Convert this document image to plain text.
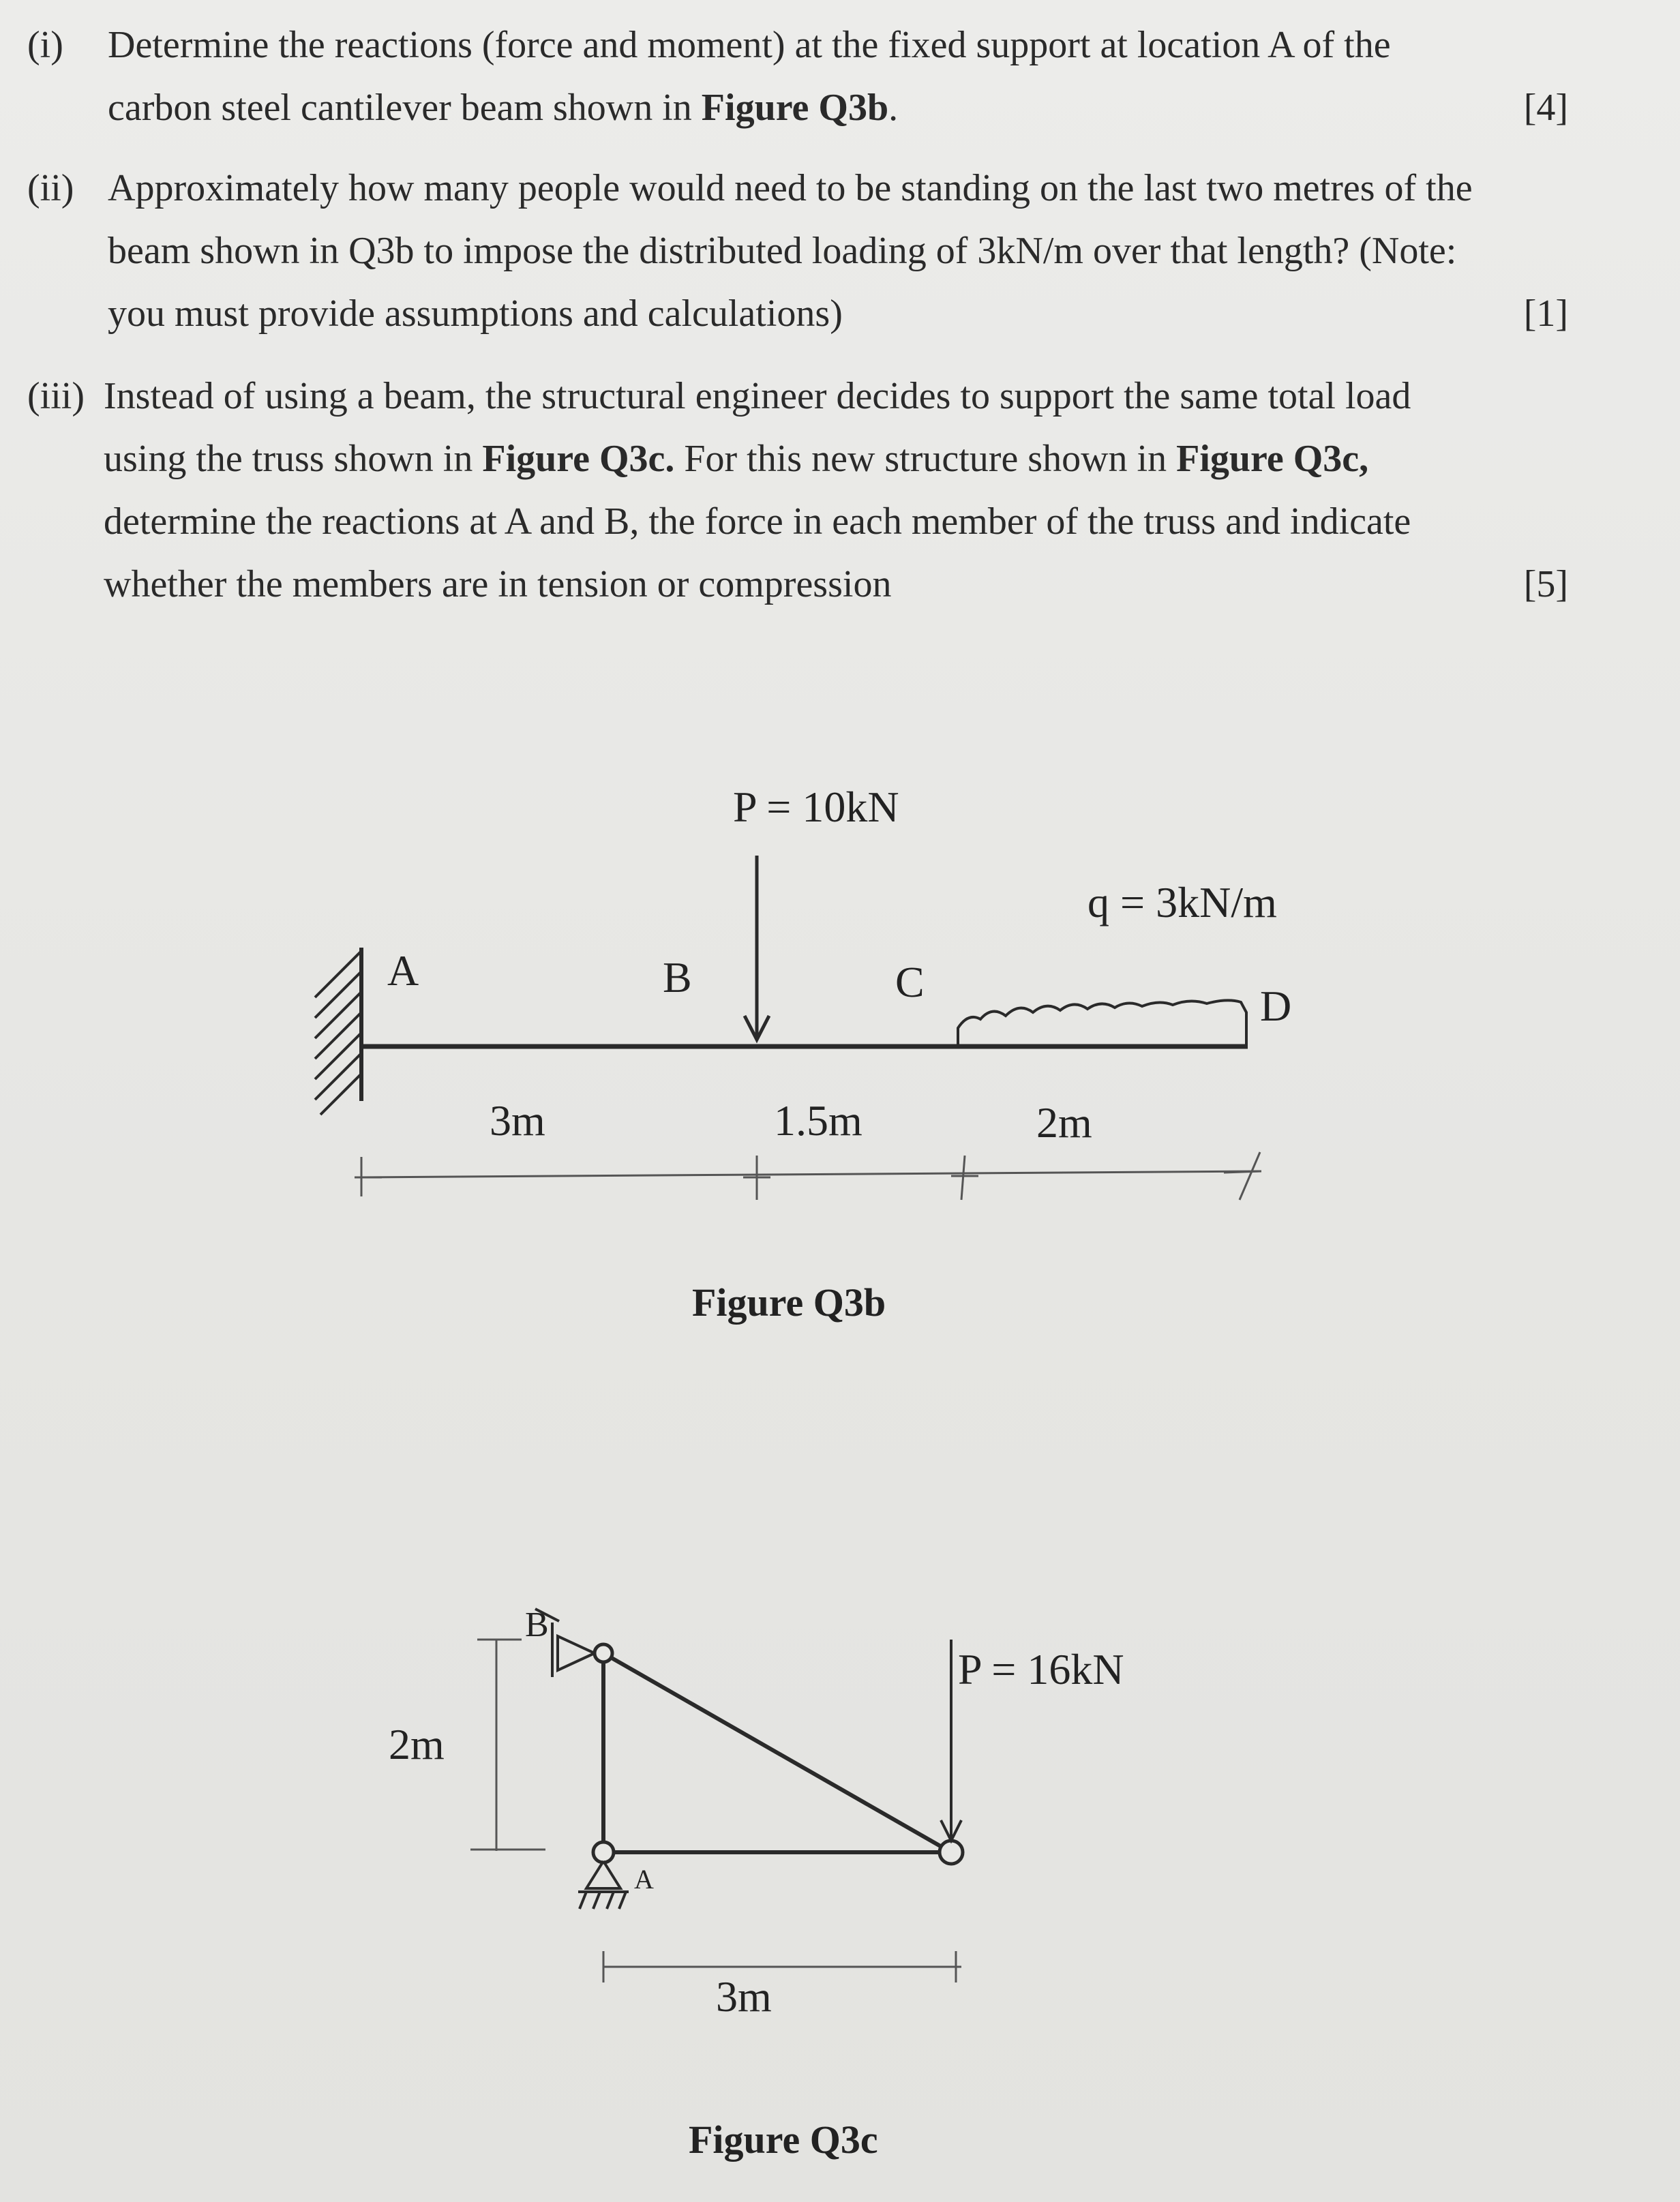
(i) Determine the reactions (force and moment) at the fixed support at location A of the
carbon steel cantilever beam shown in Figure Q3b.	[4]
(ii) Approximately how many people would need to be standing on the last two metres of the
beam shown in Q3b to impose the distributed loading of 3kN/m over that length? (Note:
you must provide assumptions and calculations)	[1]
(iii) Instead of using a beam, the structural engineer decides to support the same total load
using the truss shown in Figure Q3c. For this new structure shown in Figure Q3c,
determine the reactions at A and B, the force in each member of the truss and indicate
whether the members are in tension or compression	[5]
P = 10kN
q = 3kN/m
A	B	C	D
3m	1.5m	2m
Figure Q3b
B
A
P = 16kN
2m
3m
Figure Q3c
